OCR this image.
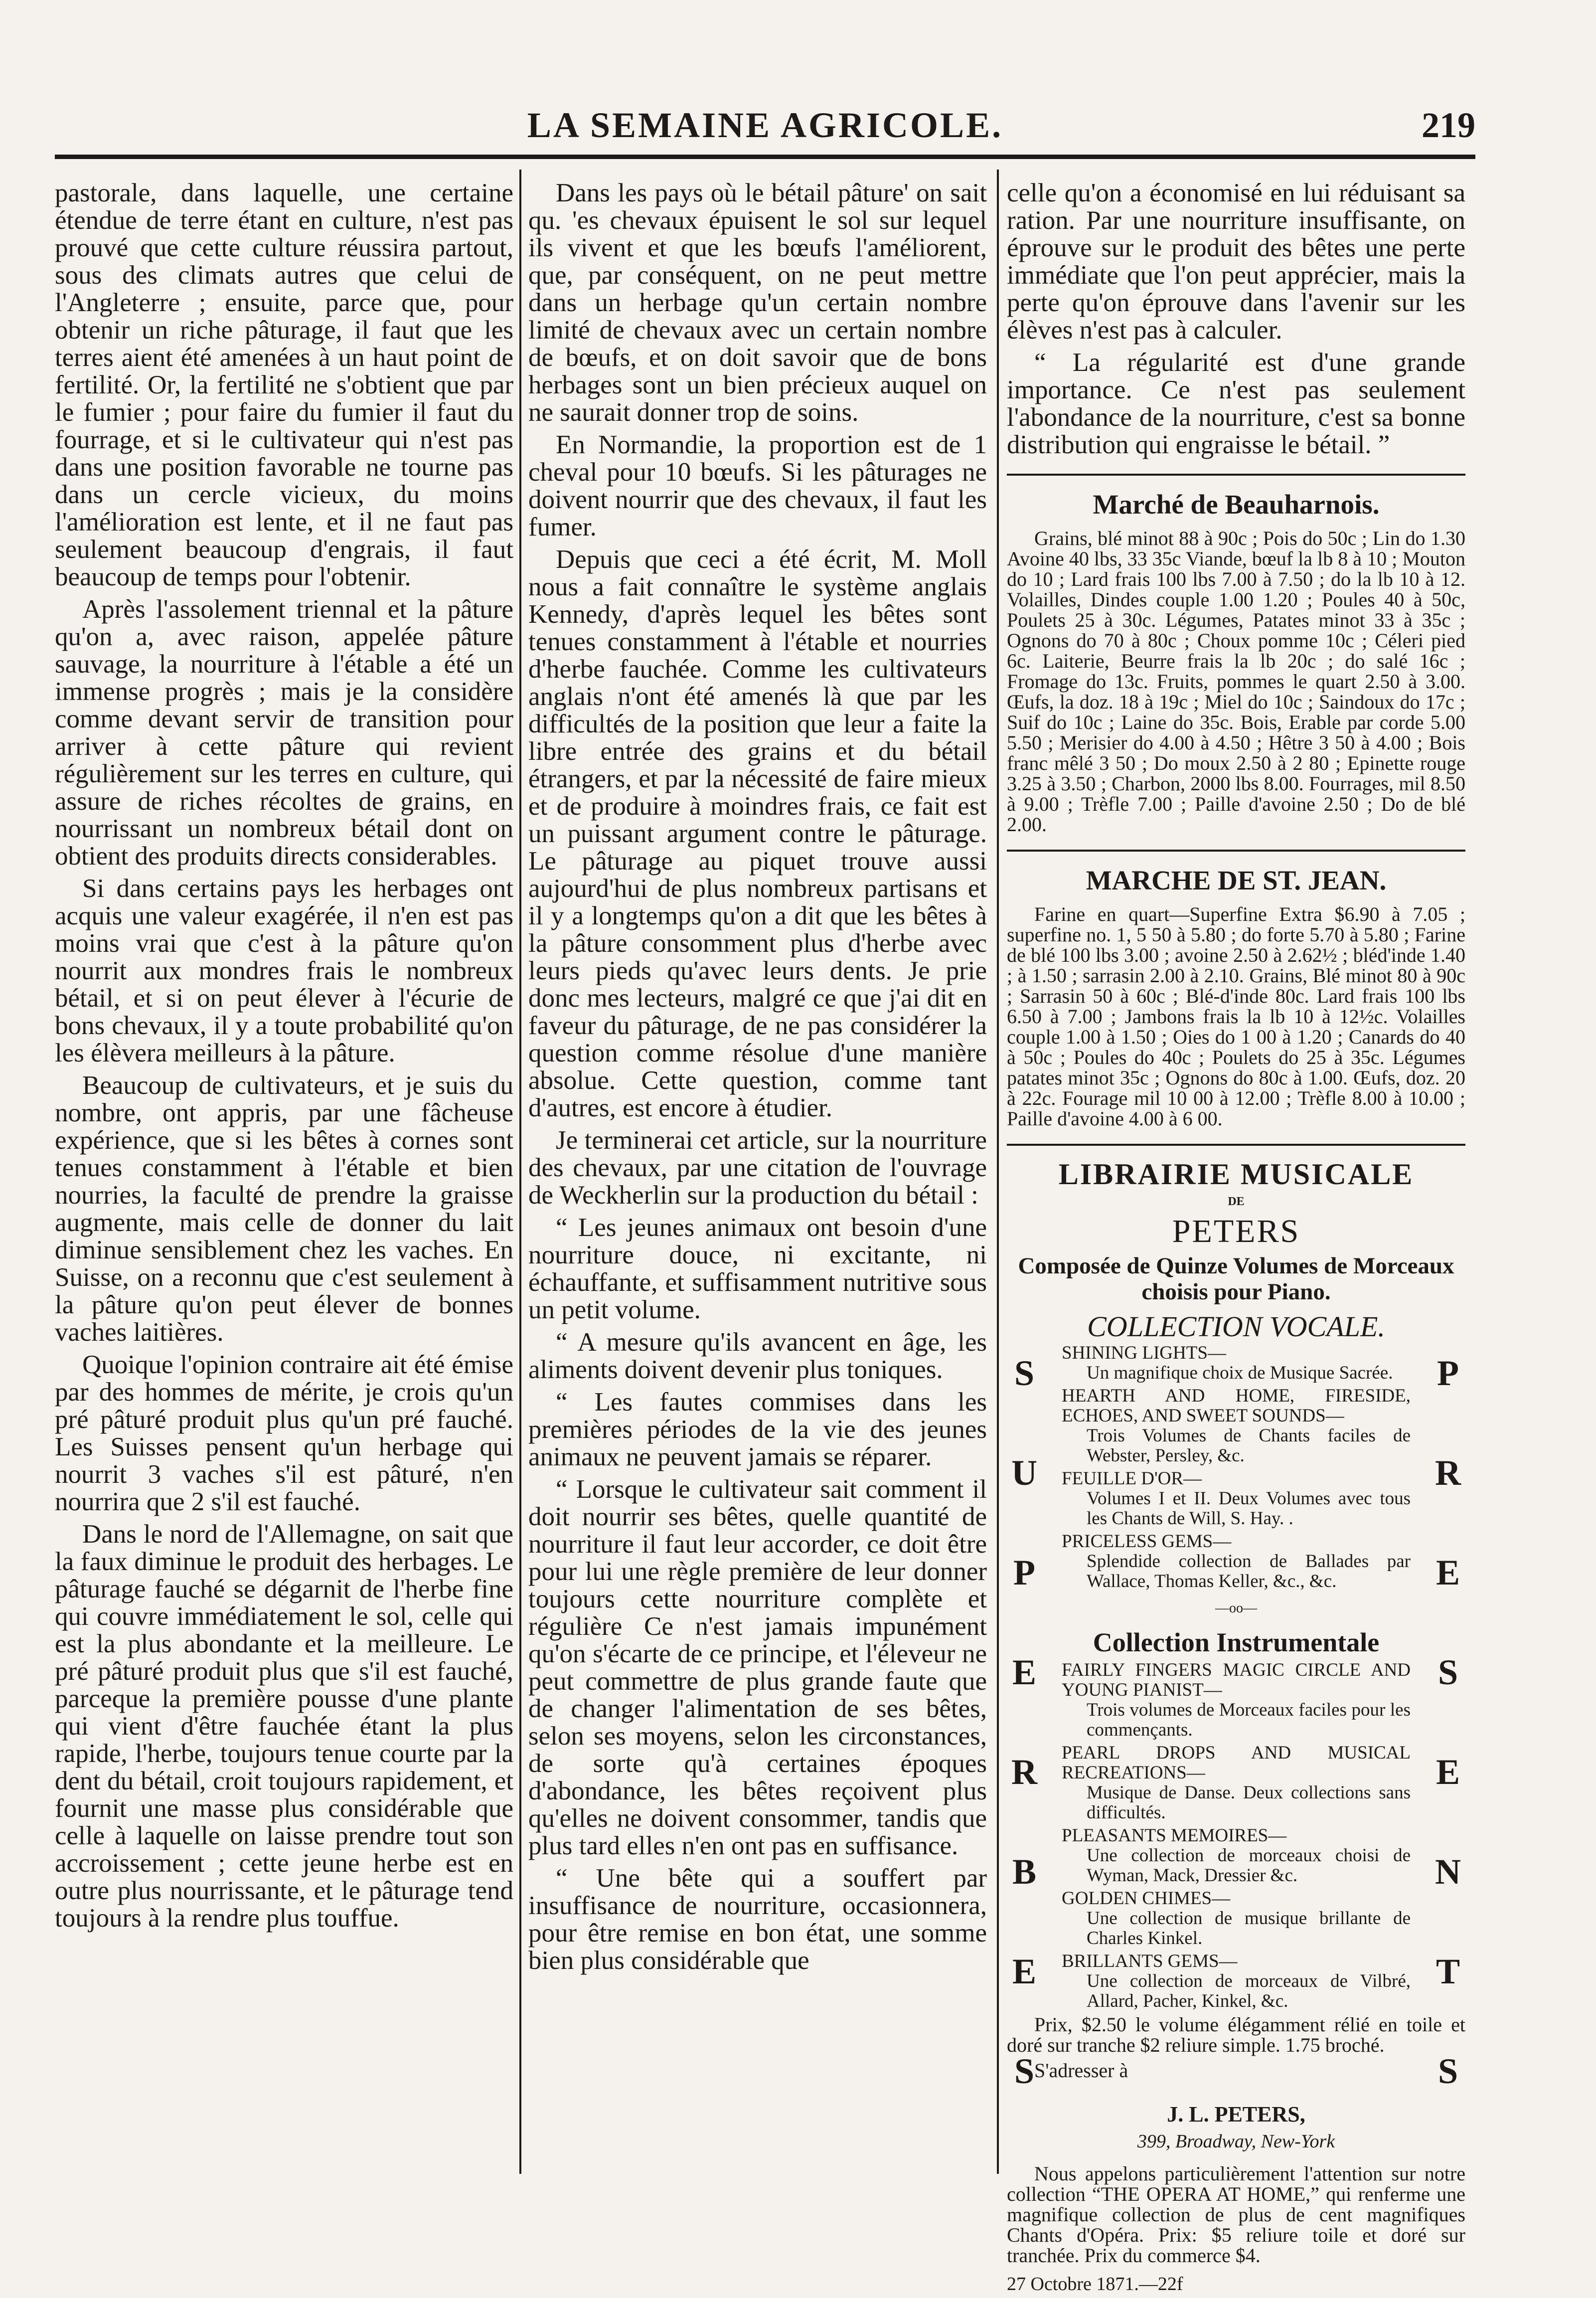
LA SEMAINE AGRICOLE.	219

pastorale, dans laquelle, une certaine étendue de terre étant en culture, n'est pas prouvé que cette culture réussira partout, sous des climats autres que celui de l'Angleterre ; ensuite, parce que, pour obtenir un riche pâturage, il faut que les terres aient été amenées à un haut point de fertilité. Or, la fertilité ne s'obtient que par le fumier ; pour faire du fumier il faut du fourrage, et si le cultivateur qui n'est pas dans une position favorable ne tourne pas dans un cercle vicieux, du moins l'amélioration est lente, et il ne faut pas seulement beaucoup d'engrais, il faut beaucoup de temps pour l'obtenir.

Après l'assolement triennal et la pâture qu'on a, avec raison, appelée pâture sauvage, la nourriture à l'étable a été un immense progrès ; mais je la considère comme devant servir de transition pour arriver à cette pâture qui revient régulièrement sur les terres en culture, qui assure de riches récoltes de grains, en nourrissant un nombreux bétail dont on obtient des produits directs considerables.

Si dans certains pays les herbages ont acquis une valeur exagérée, il n'en est pas moins vrai que c'est à la pâture qu'on nourrit aux mondres frais le nombreux bétail, et si on peut élever à l'écurie de bons chevaux, il y a toute probabilité qu'on les élèvera meilleurs à la pâture.

Beaucoup de cultivateurs, et je suis du nombre, ont appris, par une fâcheuse expérience, que si les bêtes à cornes sont tenues constamment à l'étable et bien nourries, la faculté de prendre la graisse augmente, mais celle de donner du lait diminue sensiblement chez les vaches. En Suisse, on a reconnu que c'est seulement à la pâture qu'on peut élever de bonnes vaches laitières.

Quoique l'opinion contraire ait été émise par des hommes de mérite, je crois qu'un pré pâturé produit plus qu'un pré fauché. Les Suisses pensent qu'un herbage qui nourrit 3 vaches s'il est pâturé, n'en nourrira que 2 s'il est fauché.

Dans le nord de l'Allemagne, on sait que la faux diminue le produit des herbages. Le pâturage fauché se dégarnit de l'herbe fine qui couvre immédiatement le sol, celle qui est la plus abondante et la meilleure. Le pré pâturé produit plus que s'il est fauché, parceque la première pousse d'une plante qui vient d'être fauchée étant la plus rapide, l'herbe, toujours tenue courte par la dent du bétail, croit toujours rapidement, et fournit une masse plus considérable que celle à laquelle on laisse prendre tout son accroissement ; cette jeune herbe est en outre plus nourrissante, et le pâturage tend toujours à la rendre plus touffue.

Dans les pays où le bétail pâture' on sait qu. 'es chevaux épuisent le sol sur lequel ils vivent et que les bœufs l'améliorent, que, par conséquent, on ne peut mettre dans un herbage qu'un certain nombre limité de chevaux avec un certain nombre de bœufs, et on doit savoir que de bons herbages sont un bien précieux auquel on ne saurait donner trop de soins.

En Normandie, la proportion est de 1 cheval pour 10 bœufs. Si les pâturages ne doivent nourrir que des chevaux, il faut les fumer.

Depuis que ceci a été écrit, M. Moll nous a fait connaître le système anglais Kennedy, d'après lequel les bêtes sont tenues constamment à l'étable et nourries d'herbe fauchée. Comme les cultivateurs anglais n'ont été amenés là que par les difficultés de la position que leur a faite la libre entrée des grains et du bétail étrangers, et par la nécessité de faire mieux et de produire à moindres frais, ce fait est un puissant argument contre le pâturage. Le pâturage au piquet trouve aussi aujourd'hui de plus nombreux partisans et il y a longtemps qu'on a dit que les bêtes à la pâture consomment plus d'herbe avec leurs pieds qu'avec leurs dents. Je prie donc mes lecteurs, malgré ce que j'ai dit en faveur du pâturage, de ne pas considérer la question comme résolue d'une manière absolue. Cette question, comme tant d'autres, est encore à étudier.

Je terminerai cet article, sur la nourriture des chevaux, par une citation de l'ouvrage de Weckherlin sur la production du bétail :

“ Les jeunes animaux ont besoin d'une nourriture douce, ni excitante, ni échauffante, et suffisamment nutritive sous un petit volume.

“ A mesure qu'ils avancent en âge, les aliments doivent devenir plus toniques.

“ Les fautes commises dans les premières périodes de la vie des jeunes animaux ne peuvent jamais se réparer.

“ Lorsque le cultivateur sait comment il doit nourrir ses bêtes, quelle quantité de nourriture il faut leur accorder, ce doit être pour lui une règle première de leur donner toujours cette nourriture complète et régulière Ce n'est jamais impunément qu'on s'écarte de ce principe, et l'éleveur ne peut commettre de plus grande faute que de changer l'alimentation de ses bêtes, selon ses moyens, selon les circonstances, de sorte qu'à certaines époques d'abondance, les bêtes reçoivent plus qu'elles ne doivent consommer, tandis que plus tard elles n'en ont pas en suffisance.

“ Une bête qui a souffert par insuffisance de nourriture, occasionnera, pour être remise en bon état, une somme bien plus considérable que

celle qu'on a économisé en lui réduisant sa ration. Par une nourriture insuffisante, on éprouve sur le produit des bêtes une perte immédiate que l'on peut apprécier, mais la perte qu'on éprouve dans l'avenir sur les élèves n'est pas à calculer.

“ La régularité est d'une grande importance. Ce n'est pas seulement l'abondance de la nourriture, c'est sa bonne distribution qui engraisse le bétail. ”

Marché de Beauharnois.

Grains, blé minot 88 à 90c ; Pois do 50c ; Lin do 1.30 Avoine 40 lbs, 33 35c Viande, bœuf la lb 8 à 10 ; Mouton do 10 ; Lard frais 100 lbs 7.00 à 7.50 ; do la lb 10 à 12. Volailles, Dindes couple 1.00 1.20 ; Poules 40 à 50c, Poulets 25 à 30c. Légumes, Patates minot 33 à 35c ; Ognons do 70 à 80c ; Choux pomme 10c ; Céleri pied 6c. Laiterie, Beurre frais la lb 20c ; do salé 16c ; Fromage do 13c. Fruits, pommes le quart 2.50 à 3.00. Œufs, la doz. 18 à 19c ; Miel do 10c ; Saindoux do 17c ; Suif do 10c ; Laine do 35c. Bois, Erable par corde 5.00 5.50 ; Merisier do 4.00 à 4.50 ; Hêtre 3 50 à 4.00 ; Bois franc mêlé 3 50 ; Do moux 2.50 à 2 80 ; Epinette rouge 3.25 à 3.50 ; Charbon, 2000 lbs 8.00. Fourrages, mil 8.50 à 9.00 ; Trèfle 7.00 ; Paille d'avoine 2.50 ; Do de blé 2.00.

MARCHE DE ST. JEAN.

Farine en quart—Superfine Extra $6.90 à 7.05 ; superfine no. 1, 5 50 à 5.80 ; do forte 5.70 à 5.80 ; Farine de blé 100 lbs 3.00 ; avoine 2.50 à 2.62½ ; bléd'inde 1.40 ; à 1.50 ; sarrasin 2.00 à 2.10. Grains, Blé minot 80 à 90c ; Sarrasin 50 à 60c ; Blé-d'inde 80c. Lard frais 100 lbs 6.50 à 7.00 ; Jambons frais la lb 10 à 12½c. Volailles couple 1.00 à 1.50 ; Oies do 1 00 à 1.20 ; Canards do 40 à 50c ; Poules do 40c ; Poulets do 25 à 35c. Légumes patates minot 35c ; Ognons do 80c à 1.00. Œufs, doz. 20 à 22c. Fourage mil 10 00 à 12.00 ; Trèfle 8.00 à 10.00 ; Paille d'avoine 4.00 à 6 00.

LIBRAIRIE MUSICALE
DE
PETERS
Composée de Quinze Volumes de Morceaux choisis pour Piano.
COLLECTION VOCALE.
S
U
P
E
R
B
E
S
P
R
E
S
E
N
T
S
SHINING LIGHTS—
Un magnifique choix de Musique Sacrée.
HEARTH AND HOME, FIRESIDE, ECHOES, AND SWEET SOUNDS—
Trois Volumes de Chants faciles de Webster, Persley, &c.
FEUILLE D'OR—
Volumes I et II. Deux Volumes avec tous les Chants de Will, S. Hay. .
PRICELESS GEMS—
Splendide collection de Ballades par Wallace, Thomas Keller, &c., &c.
—oo—
Collection Instrumentale
FAIRLY FINGERS MAGIC CIRCLE AND YOUNG PIANIST—
Trois volumes de Morceaux faciles pour les commençants.
PEARL DROPS AND MUSICAL RECREATIONS—
Musique de Danse. Deux collections sans difficultés.
PLEASANTS MEMOIRES—
Une collection de morceaux choisi de Wyman, Mack, Dressier &c.
GOLDEN CHIMES—
Une collection de musique brillante de Charles Kinkel.
BRILLANTS GEMS—
Une collection de morceaux de Vilbré, Allard, Pacher, Kinkel, &c.

Prix, $2.50 le volume élégamment rélié en toile et doré sur tranche $2 reliure simple. 1.75 broché.

S'adresser à

J. L. PETERS,
399, Broadway, New-York

Nous appelons particulièrement l'attention sur notre collection “THE OPERA AT HOME,” qui renferme une magnifique collection de plus de cent magnifiques Chants d'Opéra. Prix: $5 reliure toile et doré sur tranchée. Prix du commerce $4.

27 Octobre 1871.—22f
